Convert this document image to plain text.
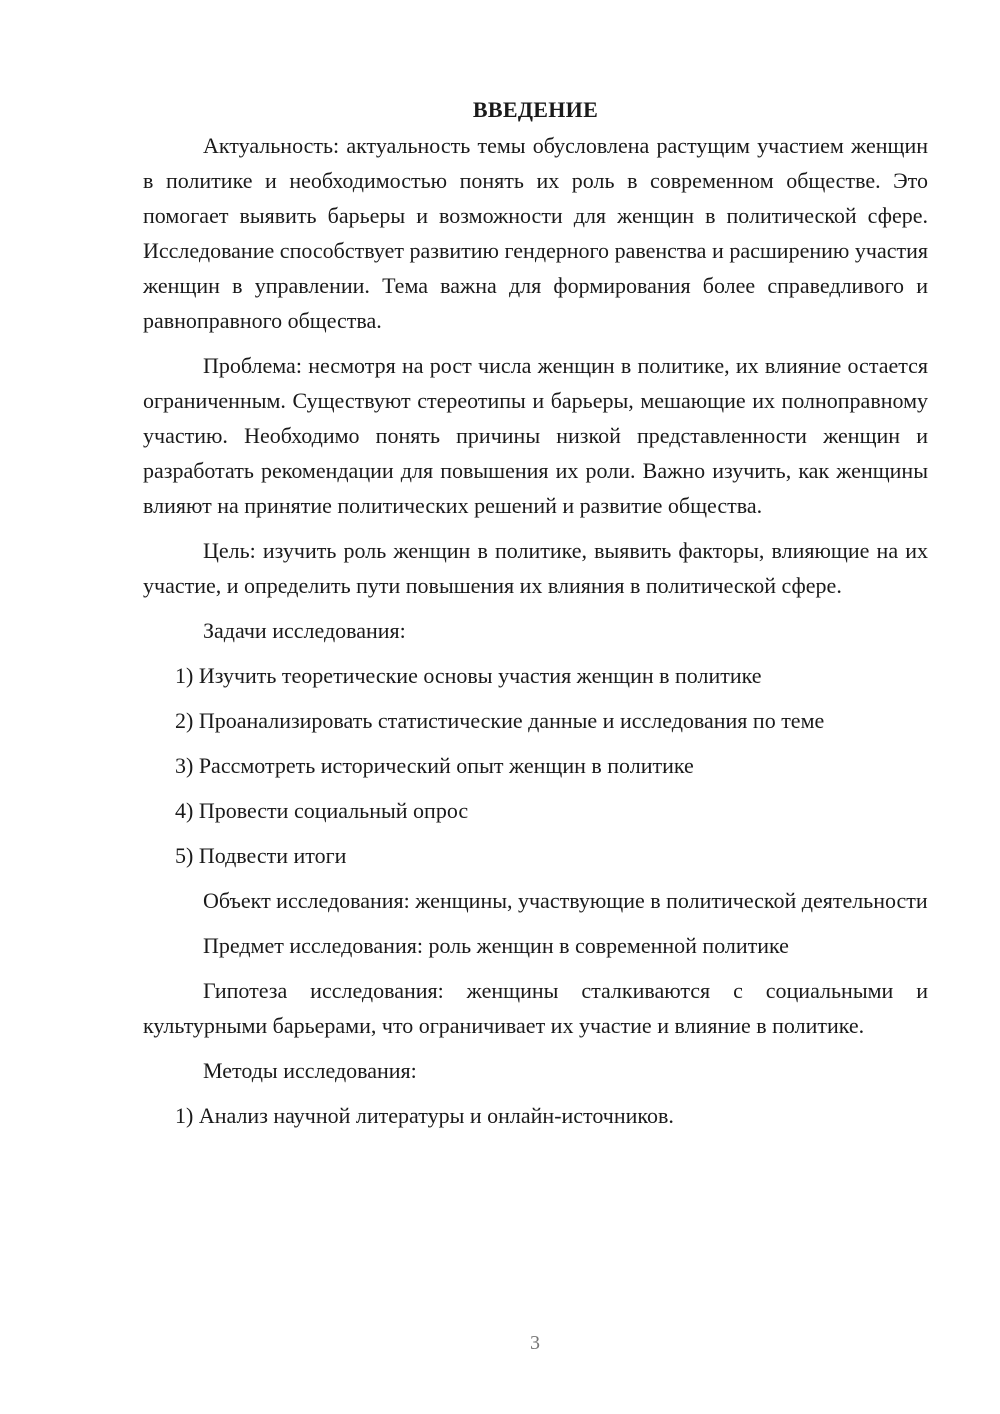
ВВЕДЕНИЕ

Актуальность: актуальность темы обусловлена растущим участием женщин в политике и необходимостью понять их роль в современном обществе. Это помогает выявить барьеры и возможности для женщин в политической сфере. Исследование способствует развитию гендерного равенства и расширению участия женщин в управлении. Тема важна для формирования более справедливого и равноправного общества.

Проблема: несмотря на рост числа женщин в политике, их влияние остается ограниченным. Существуют стереотипы и барьеры, мешающие их полноправному участию. Необходимо понять причины низкой представленности женщин и разработать рекомендации для повышения их роли. Важно изучить, как женщины влияют на принятие политических решений и развитие общества.

Цель: изучить роль женщин в политике, выявить факторы, влияющие на их участие, и определить пути повышения их влияния в политической сфере.

Задачи исследования:
1) Изучить теоретические основы участия женщин в политике
2) Проанализировать статистические данные и исследования по теме
3) Рассмотреть исторический опыт женщин в политике
4) Провести социальный опрос
5) Подвести итоги

Объект исследования: женщины, участвующие в политической деятельности

Предмет исследования: роль женщин в современной политике

Гипотеза исследования: женщины сталкиваются с социальными и культурными барьерами, что ограничивает их участие и влияние в политике.

Методы исследования:
1) Анализ научной литературы и онлайн-источников.
3
